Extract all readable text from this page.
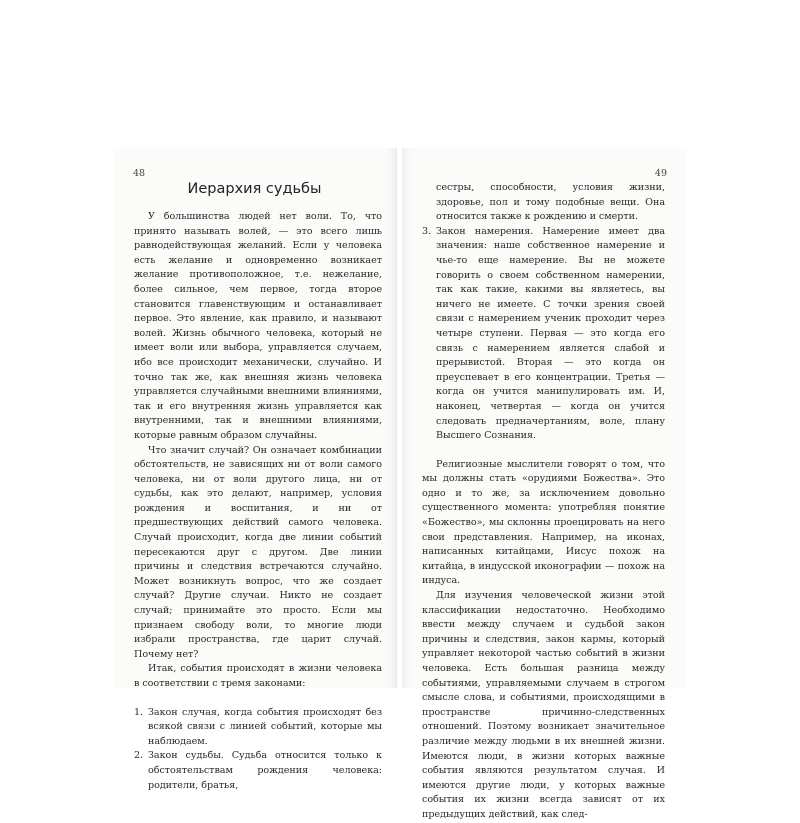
48
Иерархия судьбы

У большинства людей нет воли. То, что принято называть волей, — это всего лишь равнодействующая желаний. Если у человека есть желание и одновременно возникает желание противоположное, т.е. нежелание, более сильное, чем первое, тогда второе становится главенствующим и останавливает первое. Это явление, как правило, и называют волей. Жизнь обычного человека, который не имеет воли или выбора, управляется случаем, ибо все происходит механически, случайно. И точно так же, как внешняя жизнь человека управляется случайными внешними влияниями, так и его внутренняя жизнь управляется как внутренними, так и внешними влияниями, которые равным образом случайны.

Что значит случай? Он означает комбинации обстоятельств, не зависящих ни от воли самого человека, ни от воли другого лица, ни от судьбы, как это делают, например, условия рождения и воспитания, и ни от предшествующих действий самого человека. Случай происходит, когда две линии событий пересекаются друг с другом. Две линии причины и следствия встречаются случайно. Может возникнуть вопрос, что же создает случай? Другие случаи. Никто не создает случай; принимайте это просто. Если мы признаем свободу воли, то многие люди избрали пространства, где царит случай. Почему нет?

Итак, события происходят в жизни человека в соответствии с тремя законами:

1. Закон случая, когда события происходят без всякой связи с линией событий, которые мы наблюдаем.
2. Закон судьбы. Судьба относится только к обстоятельствам рождения человека: родители, братья,
49
сестры, способности, условия жизни, здоровье, пол и тому подобные вещи. Она относится также к рождению и смерти.
3. Закон намерения. Намерение имеет два значения: наше собственное намерение и чье-то еще намерение. Вы не можете говорить о своем собственном намерении, так как такие, какими вы являетесь, вы ничего не имеете. С точки зрения своей связи с намерением ученик проходит через четыре ступени. Первая — это когда его связь с намерением является слабой и прерывистой. Вторая — это когда он преуспевает в его концентрации. Третья — когда он учится манипулировать им. И, наконец, четвертая — когда он учится следовать предначертаниям, воле, плану Высшего Сознания.

Религиозные мыслители говорят о том, что мы должны стать «орудиями Божества». Это одно и то же, за исключением довольно существенного момента: употребляя понятие «Божество», мы склонны проецировать на него свои представления. Например, на иконах, написанных китайцами, Иисус похож на китайца, в индусской иконографии — похож на индуса.

Для изучения человеческой жизни этой классификации недостаточно. Необходимо ввести между случаем и судьбой закон причины и следствия, закон кармы, который управляет некоторой частью событий в жизни человека. Есть большая разница между событиями, управляемыми случаем в строгом смысле слова, и событиями, происходящими в пространстве причинно-следственных отношений. Поэтому возникает значительное различие между людьми в их внешней жизни. Имеются люди, в жизни которых важные события являются результатом случая. И имеются другие люди, у которых важные события их жизни всегда зависят от их предыдущих действий, как след-
